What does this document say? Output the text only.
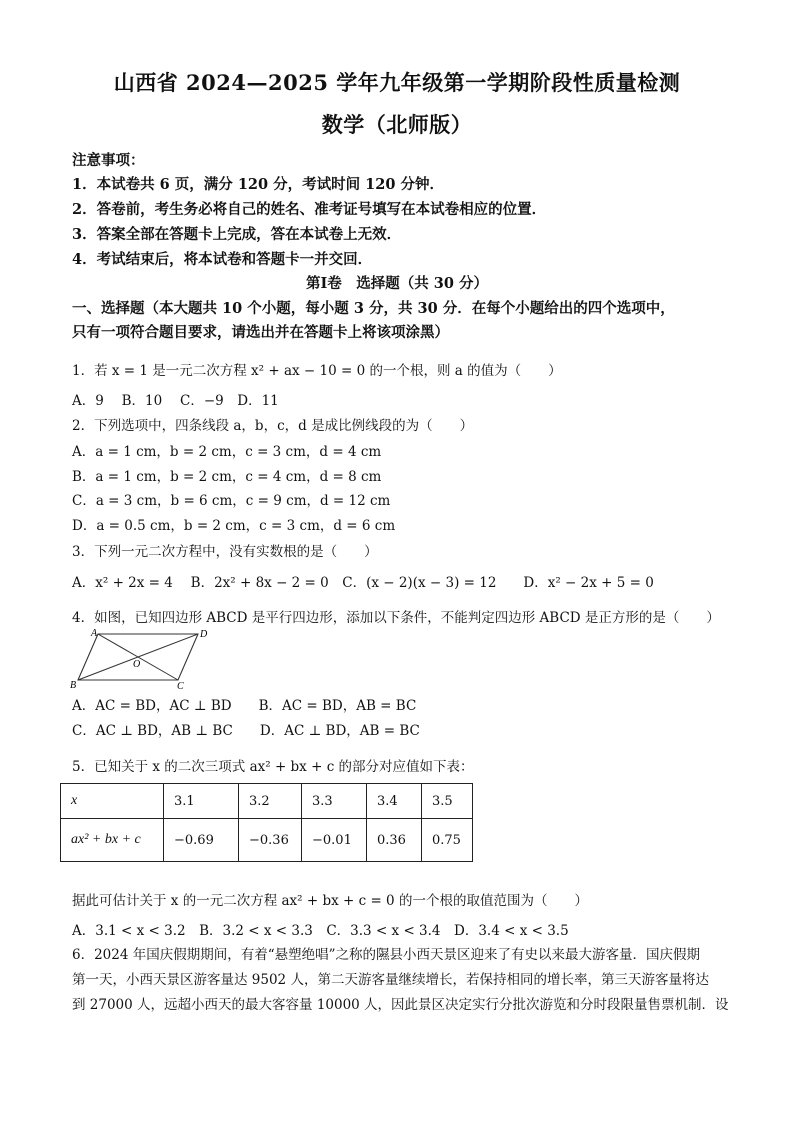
山西省 2024—2025 学年九年级第一学期阶段性质量检测
数学（北师版）
注意事项：
1．本试卷共 6 页，满分 120 分，考试时间 120 分钟．
2．答卷前，考生务必将自己的姓名、准考证号填写在本试卷相应的位置．
3．答案全部在答题卡上完成，答在本试卷上无效．
4．考试结束后，将本试卷和答题卡一并交回．
第Ⅰ卷　选择题（共 30 分）
一、选择题（本大题共 10 个小题，每小题 3 分，共 30 分．在每个小题给出的四个选项中，
只有一项符合题目要求，请选出并在答题卡上将该项涂黑）
1．若 x = 1 是一元二次方程 x² + ax − 10 = 0 的一个根，则 a 的值为（　　）
A．9　 B．10　 C．−9　D．11
2．下列选项中，四条线段 a，b，c，d 是成比例线段的为（　　）
A．a = 1 cm，b = 2 cm，c = 3 cm，d = 4 cm
B．a = 1 cm，b = 2 cm，c = 4 cm，d = 8 cm
C．a = 3 cm，b = 6 cm，c = 9 cm，d = 12 cm
D．a = 0.5 cm，b = 2 cm，c = 3 cm，d = 6 cm
3．下列一元二次方程中，没有实数根的是（　　）
A．x² + 2x = 4　 B．2x² + 8x − 2 = 0　C．(x − 2)(x − 3) = 12　　D．x² − 2x + 5 = 0
4．如图，已知四边形 ABCD 是平行四边形，添加以下条件，不能判定四边形 ABCD 是正方形的是（　　）
A	D
B	C
O
A．AC = BD，AC ⊥ BD　　B．AC = BD，AB = BC
C．AC ⊥ BD，AB ⊥ BC　　D．AC ⊥ BD，AB = BC
5．已知关于 x 的二次三项式 ax² + bx + c 的部分对应值如下表：
x	3.1	3.2	3.3	3.4	3.5
ax² + bx + c	−0.69	−0.36	−0.01	0.36	0.75
据此可估计关于 x 的一元二次方程 ax² + bx + c = 0 的一个根的取值范围为（　　）
A．3.1 < x < 3.2　B．3.2 < x < 3.3　C．3.3 < x < 3.4　D．3.4 < x < 3.5
6．2024 年国庆假期期间，有着“悬塑绝唱”之称的隰县小西天景区迎来了有史以来最大游客量．国庆假期
第一天，小西天景区游客量达 9502 人，第二天游客量继续增长，若保持相同的增长率，第三天游客量将达
到 27000 人，远超小西天的最大客容量 10000 人，因此景区决定实行分批次游览和分时段限量售票机制．设
